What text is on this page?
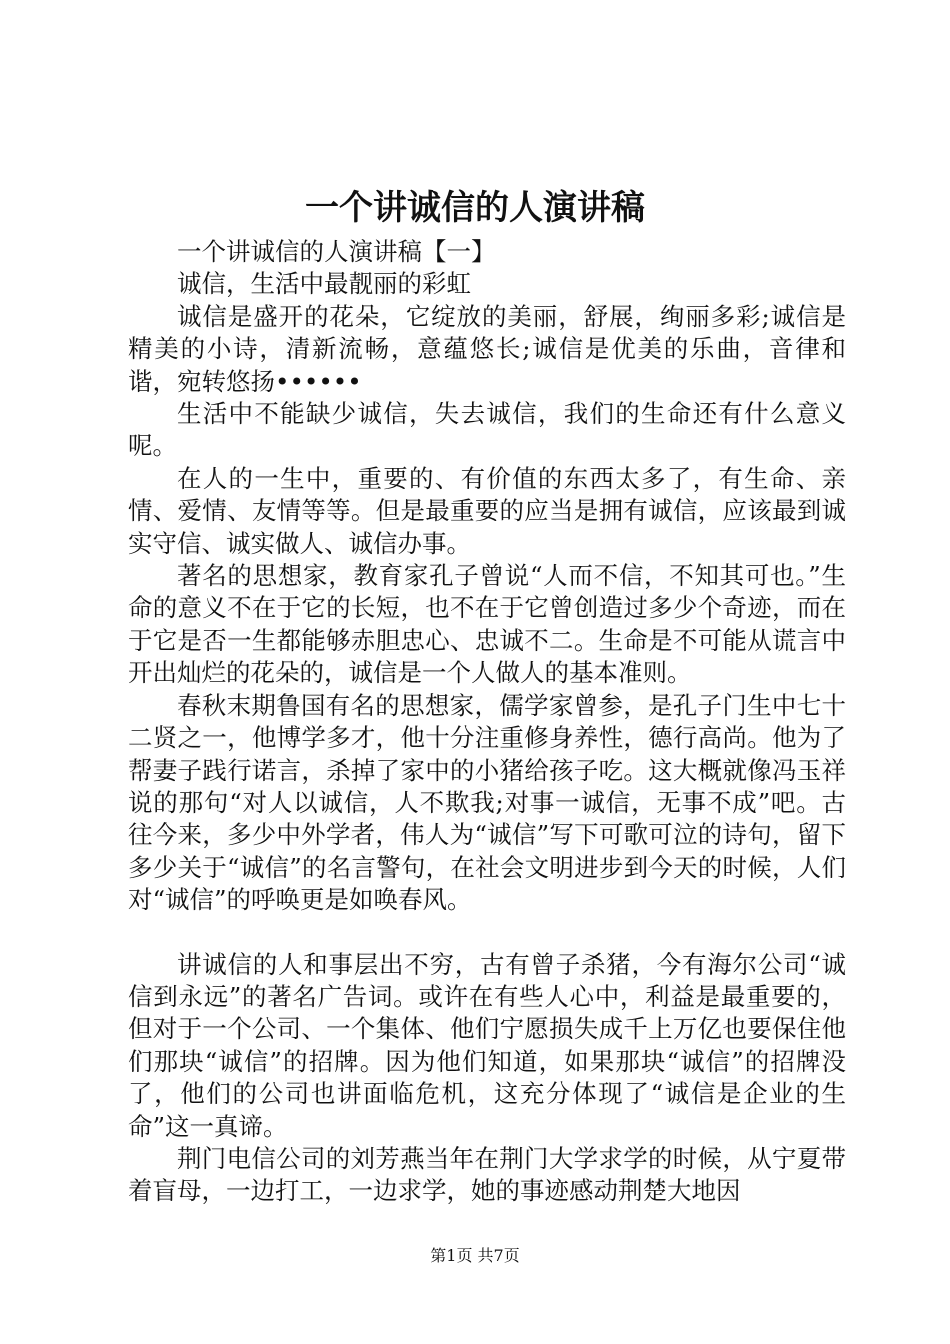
一个讲诚信的人演讲稿

一个讲诚信的人演讲稿【一】

诚信，生活中最靓丽的彩虹

诚信是盛开的花朵，它绽放的美丽，舒展，绚丽多彩;诚信是精美的小诗，清新流畅，意蕴悠长;诚信是优美的乐曲，音律和谐，宛转悠扬••••••

生活中不能缺少诚信，失去诚信，我们的生命还有什么意义呢。

在人的一生中，重要的、有价值的东西太多了，有生命、亲情、爱情、友情等等。但是最重要的应当是拥有诚信，应该最到诚实守信、诚实做人、诚信办事。

著名的思想家，教育家孔子曾说“人而不信，不知其可也。”生命的意义不在于它的长短，也不在于它曾创造过多少个奇迹，而在于它是否一生都能够赤胆忠心、忠诚不二。生命是不可能从谎言中开出灿烂的花朵的，诚信是一个人做人的基本准则。

春秋末期鲁国有名的思想家，儒学家曾参，是孔子门生中七十二贤之一，他博学多才，他十分注重修身养性，德行高尚。他为了帮妻子践行诺言，杀掉了家中的小猪给孩子吃。这大概就像冯玉祥说的那句“对人以诚信，人不欺我;对事一诚信，无事不成”吧。古往今来，多少中外学者，伟人为“诚信”写下可歌可泣的诗句，留下多少关于“诚信”的名言警句，在社会文明进步到今天的时候，人们对“诚信”的呼唤更是如唤春风。

讲诚信的人和事层出不穷，古有曾子杀猪，今有海尔公司“诚信到永远”的著名广告词。或许在有些人心中，利益是最重要的，但对于一个公司、一个集体、他们宁愿损失成千上万亿也要保住他们那块“诚信”的招牌。因为他们知道，如果那块“诚信”的招牌没了，他们的公司也讲面临危机，这充分体现了“诚信是企业的生命”这一真谛。

荆门电信公司的刘芳燕当年在荆门大学求学的时候，从宁夏带着盲母，一边打工，一边求学，她的事迹感动荆楚大地因

第1页 共7页
